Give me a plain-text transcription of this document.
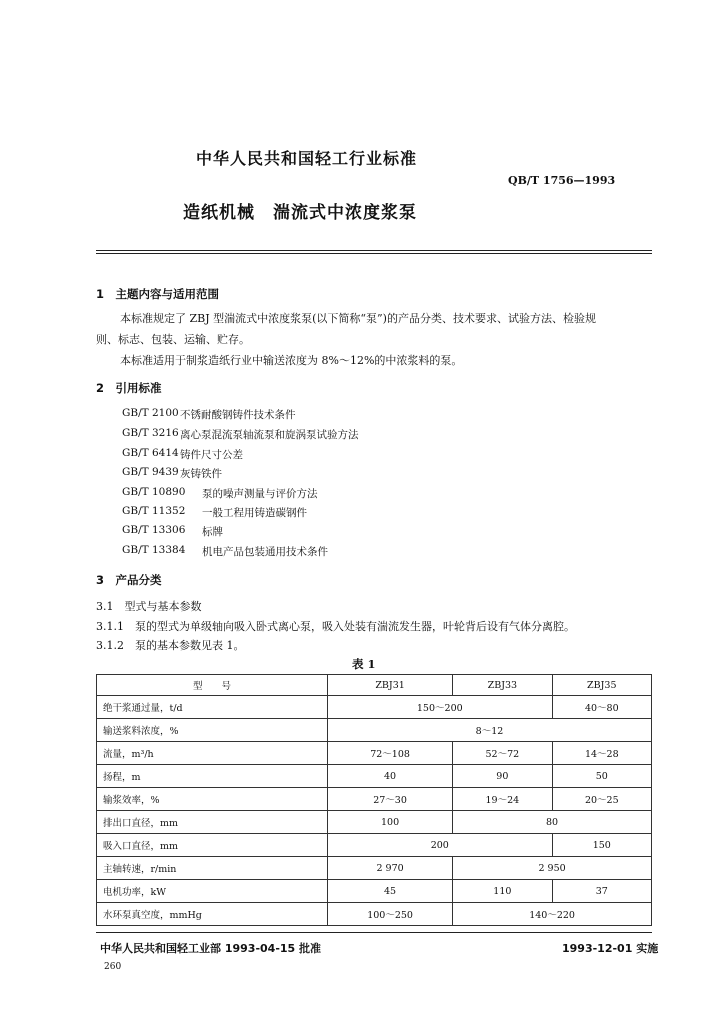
中华人民共和国轻工行业标准
QB/T 1756—1993
造纸机械　湍流式中浓度浆泵
1　主题内容与适用范围
本标准规定了 ZBJ 型湍流式中浓度浆泵(以下简称“泵”)的产品分类、技术要求、试验方法、检验规
则、标志、包装、运输、贮存。
本标准适用于制浆造纸行业中输送浓度为 8%～12%的中浓浆料的泵。
2　引用标准
GB/T 2100 不锈耐酸钢铸件技术条件
GB/T 3216 离心泵混流泵轴流泵和旋涡泵试验方法
GB/T 6414 铸件尺寸公差
GB/T 9439 灰铸铁件
GB/T 10890 泵的噪声测量与评价方法
GB/T 11352 一般工程用铸造碳钢件
GB/T 13306 标牌
GB/T 13384 机电产品包装通用技术条件
3　产品分类
3.1　型式与基本参数
3.1.1　泵的型式为单级轴向吸入卧式离心泵，吸入处装有湍流发生器，叶轮背后设有气体分离腔。
3.1.2　泵的基本参数见表 1。
表 1
型　　号	ZBJ31	ZBJ33	ZBJ35
绝干浆通过量，t/d	150～200		40～80
输送浆料浓度，%	8～12		
流量，m³/h	72～108	52～72	14～28
扬程，m	40	90	50
输浆效率，%	27～30	19～24	20～25
排出口直径，mm	100	80	
吸入口直径，mm	200		150
主轴转速，r/min	2 970	2 950	
电机功率，kW	45	110	37
水环泵真空度，mmHg	100～250	140～220	
中华人民共和国轻工业部 1993-04-15 批准	1993-12-01 实施
260
